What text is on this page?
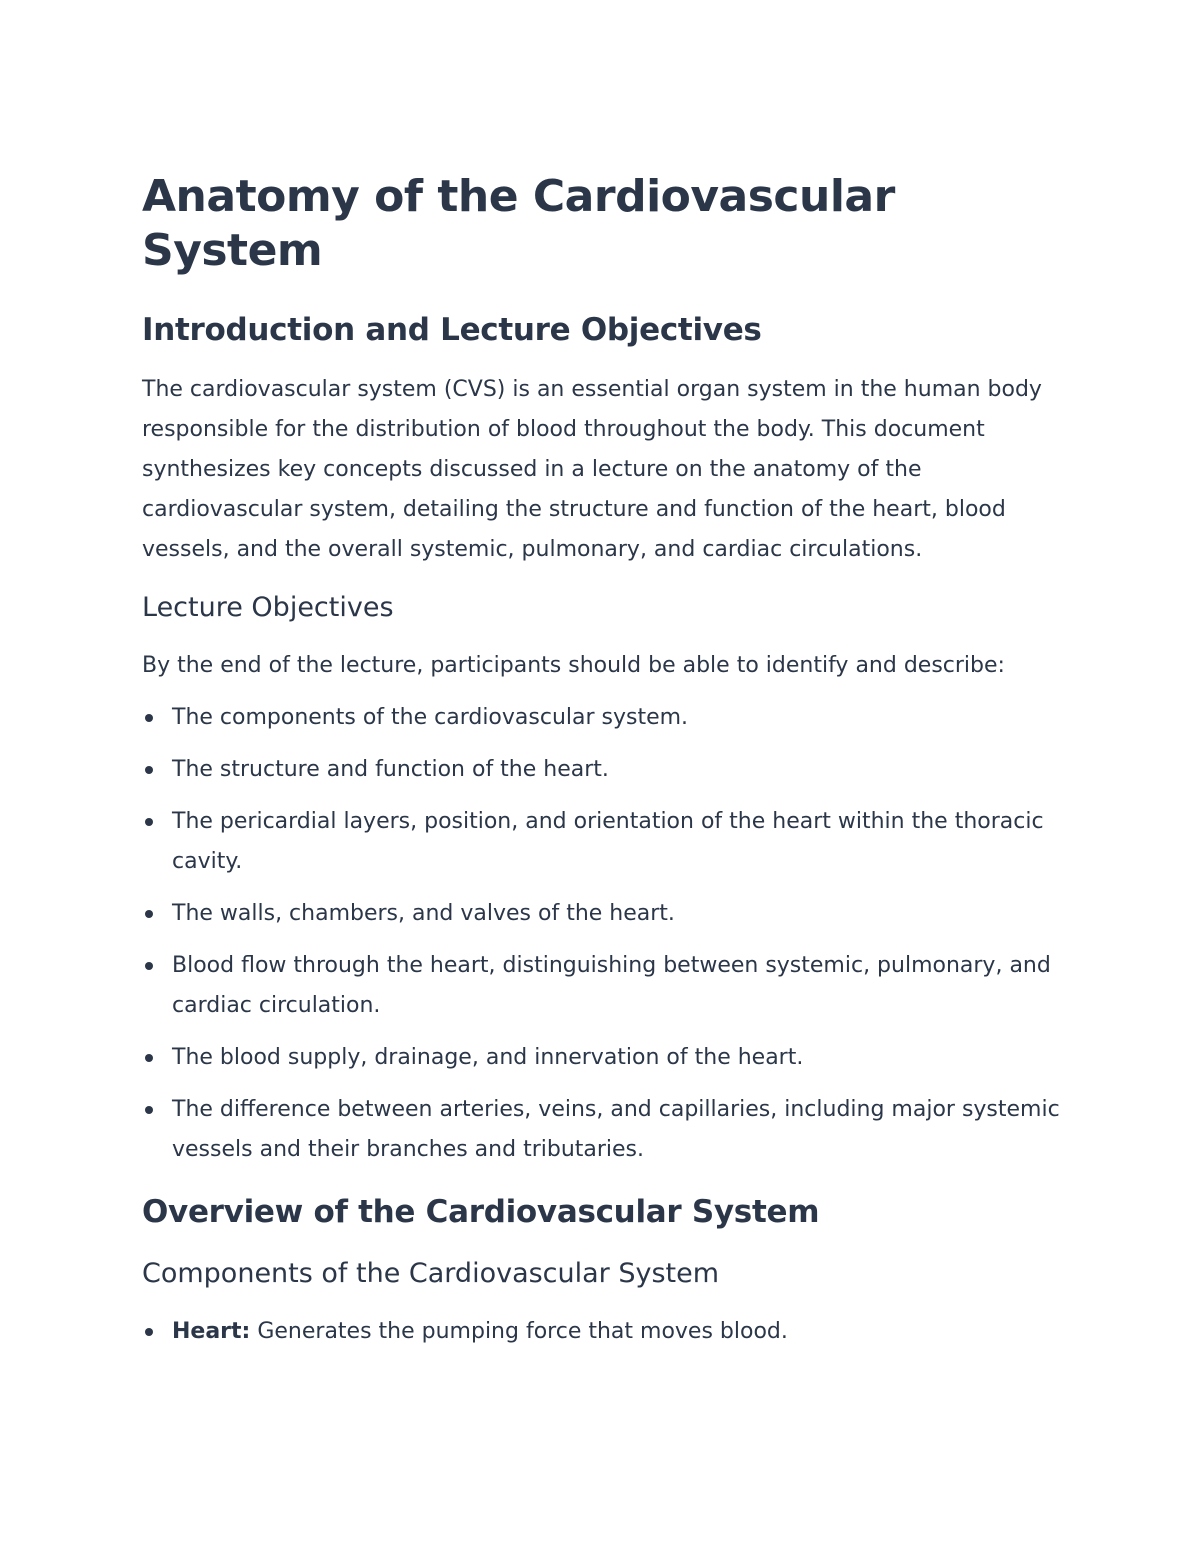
Anatomy of the Cardiovascular System
Introduction and Lecture Objectives

The cardiovascular system (CVS) is an essential organ system in the human body responsible for the distribution of blood throughout the body. This document synthesizes key concepts discussed in a lecture on the anatomy of the cardiovascular system, detailing the structure and function of the heart, blood vessels, and the overall systemic, pulmonary, and cardiac circulations.

Lecture Objectives

By the end of the lecture, participants should be able to identify and describe:

The components of the cardiovascular system.
The structure and function of the heart.
The pericardial layers, position, and orientation of the heart within the thoracic cavity.
The walls, chambers, and valves of the heart.
Blood flow through the heart, distinguishing between systemic, pulmonary, and cardiac circulation.
The blood supply, drainage, and innervation of the heart.
The difference between arteries, veins, and capillaries, including major systemic vessels and their branches and tributaries.
Overview of the Cardiovascular System
Components of the Cardiovascular System
Heart: Generates the pumping force that moves blood.
